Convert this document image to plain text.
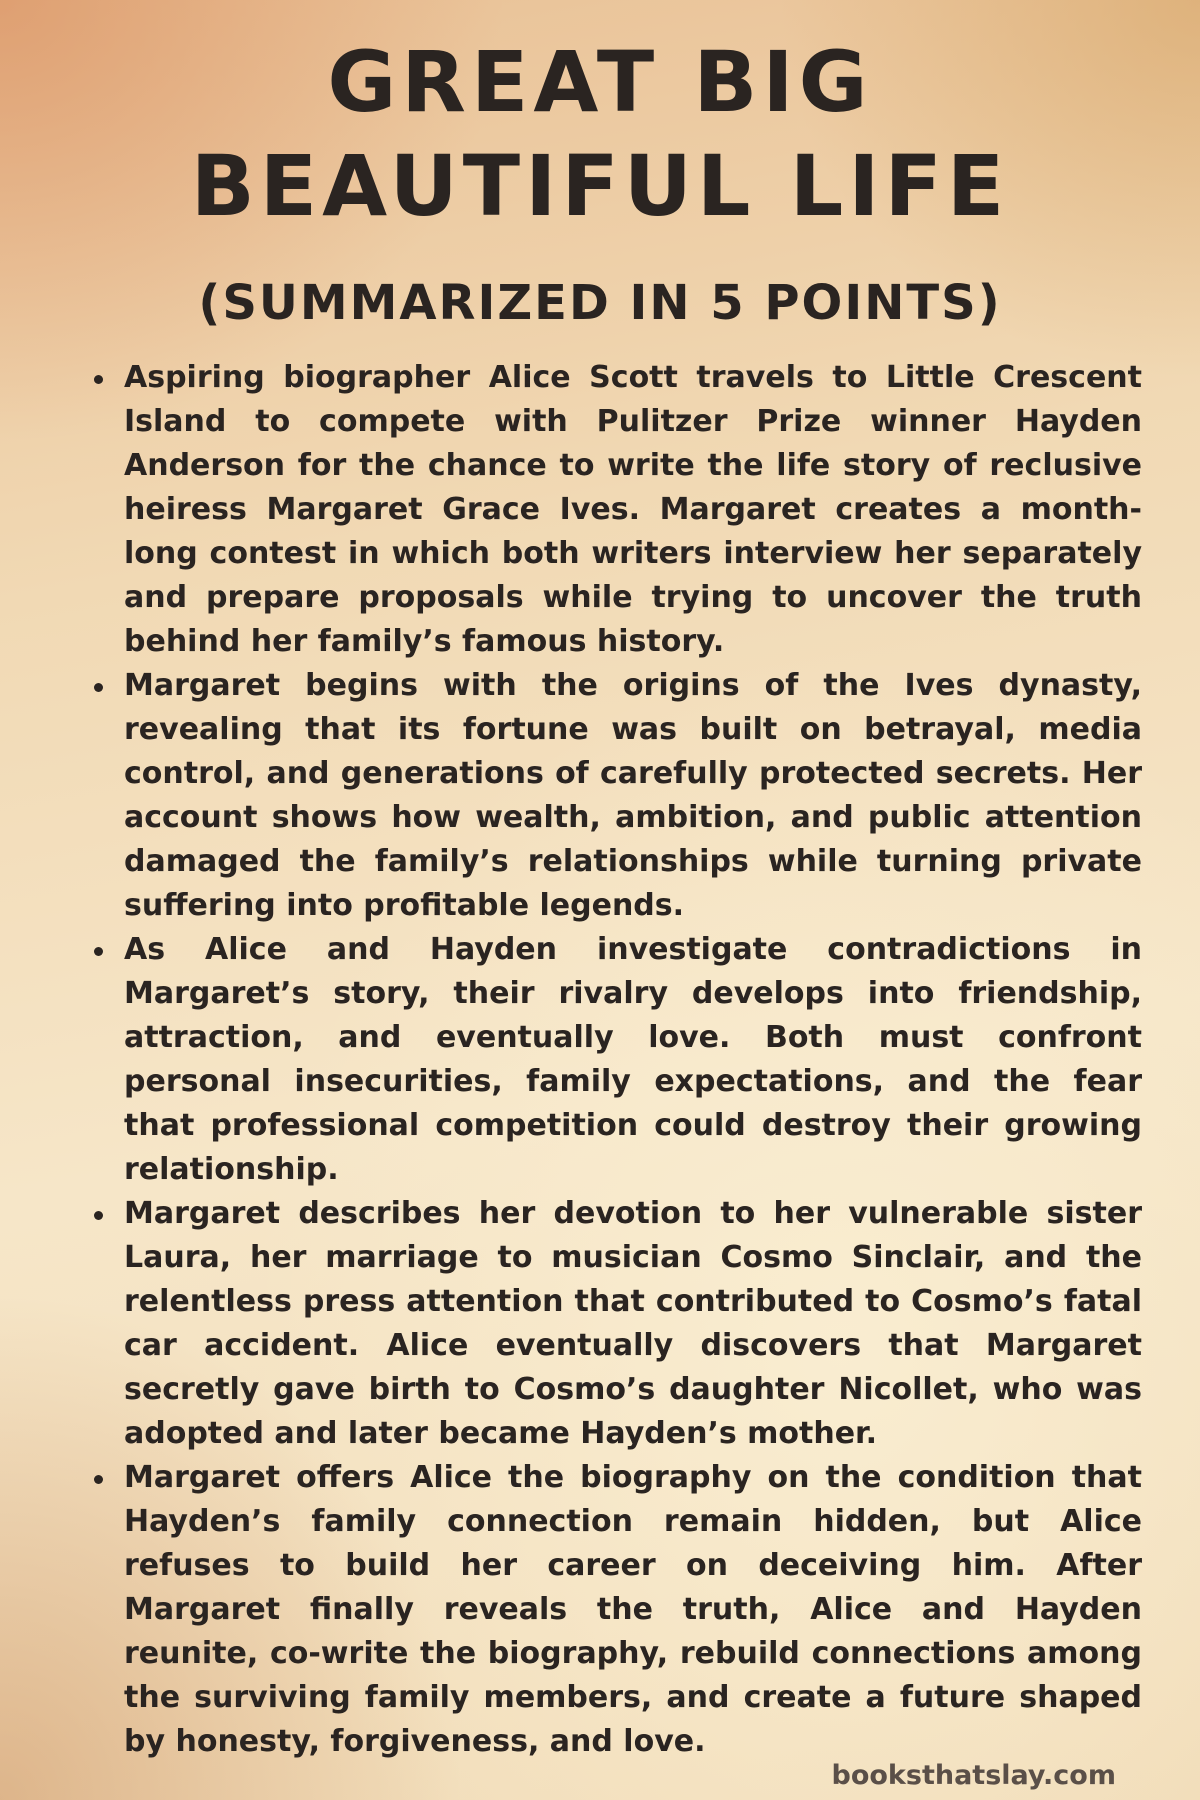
GREAT BIG BEAUTIFUL LIFE
(SUMMARIZED IN 5 POINTS)
Aspiring biographer Alice Scott travels to Little Crescent Island to compete with Pulitzer Prize winner Hayden Anderson for the chance to write the life story of reclusive heiress Margaret Grace Ives. Margaret creates a month-long contest in which both writers interview her separately and prepare proposals while trying to uncover the truth behind her family’s famous history.
Margaret begins with the origins of the Ives dynasty, revealing that its fortune was built on betrayal, media control, and generations of carefully protected secrets. Her account shows how wealth, ambition, and public attention damaged the family’s relationships while turning private suffering into profitable legends.
As Alice and Hayden investigate contradictions in Margaret’s story, their rivalry develops into friendship, attraction, and eventually love. Both must confront personal insecurities, family expectations, and the fear that professional competition could destroy their growing relationship.
Margaret describes her devotion to her vulnerable sister Laura, her marriage to musician Cosmo Sinclair, and the relentless press attention that contributed to Cosmo’s fatal car accident. Alice eventually discovers that Margaret secretly gave birth to Cosmo’s daughter Nicollet, who was adopted and later became Hayden’s mother.
Margaret offers Alice the biography on the condition that Hayden’s family connection remain hidden, but Alice refuses to build her career on deceiving him. After Margaret finally reveals the truth, Alice and Hayden reunite, co-write the biography, rebuild connections among the surviving family members, and create a future shaped by honesty, forgiveness, and love.
booksthatslay.com
